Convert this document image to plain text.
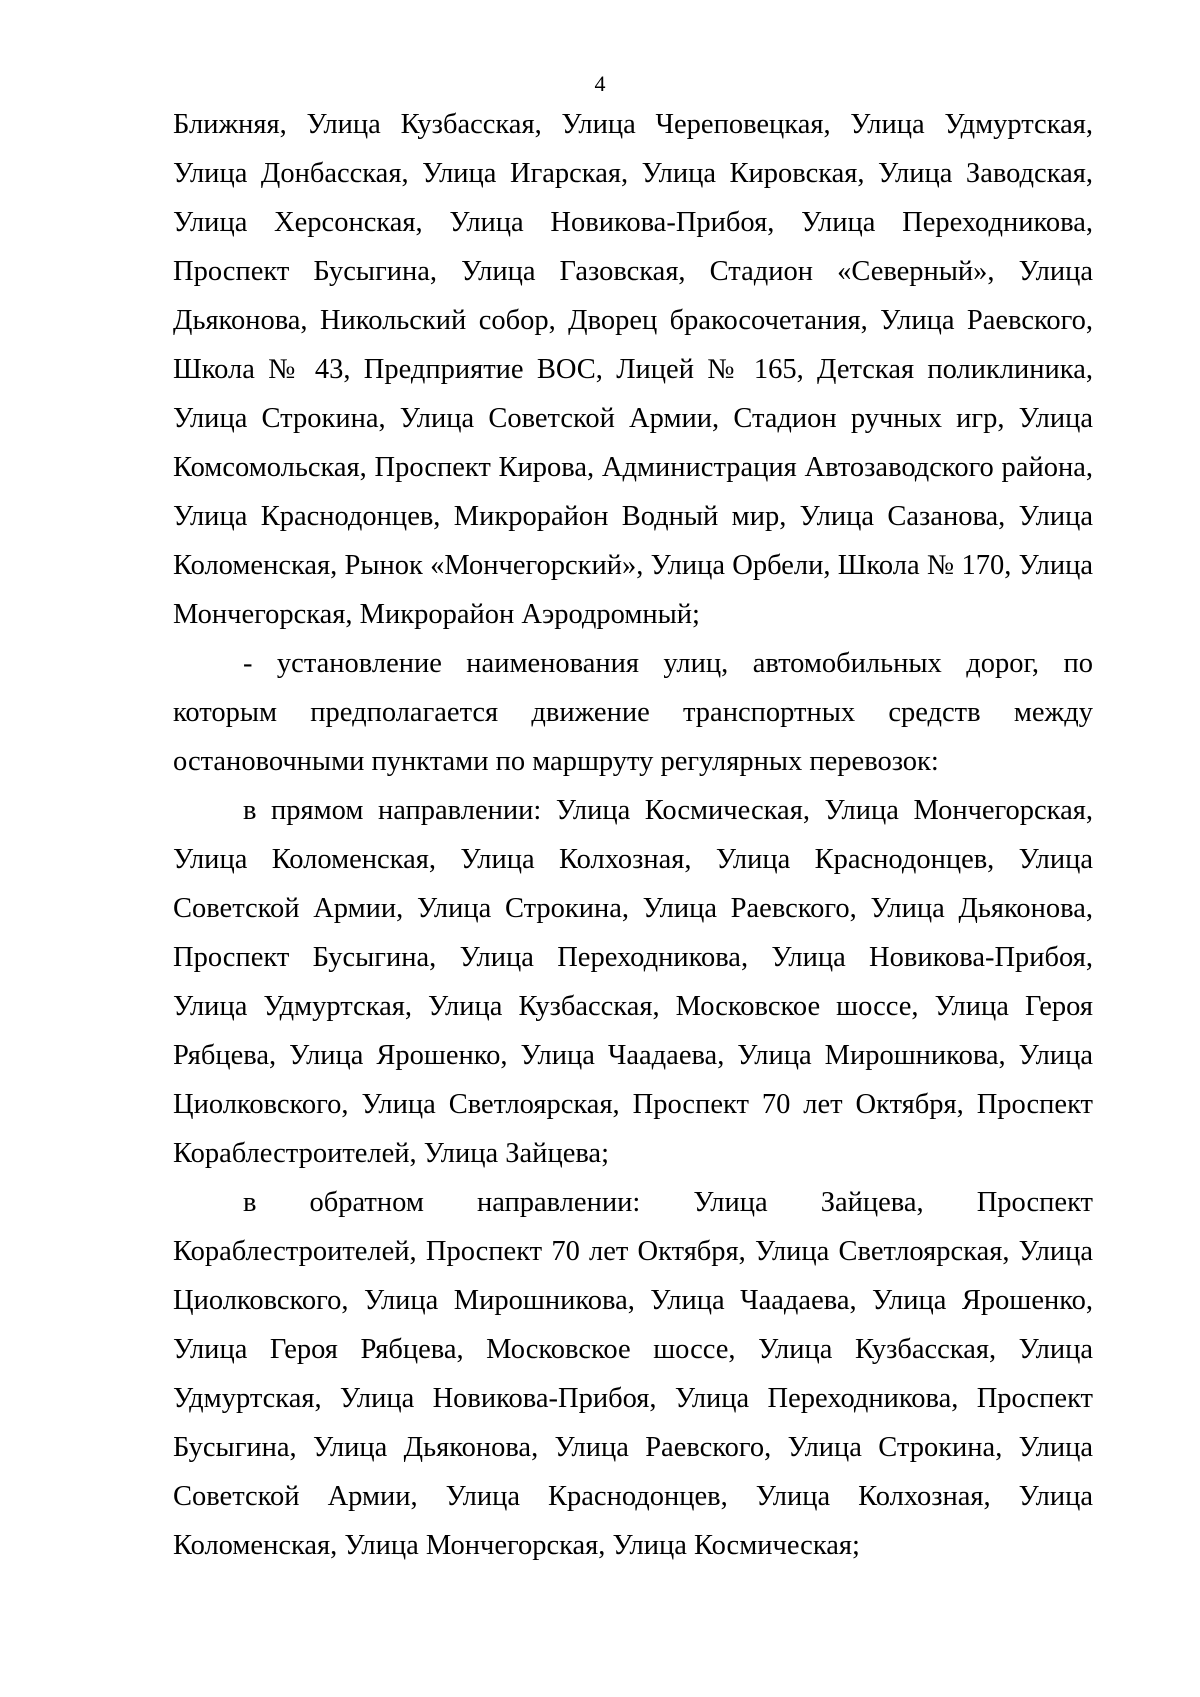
4

Ближняя, Улица Кузбасская, Улица Череповецкая, Улица Удмуртская, Улица Донбасская, Улица Игарская, Улица Кировская, Улица Заводская, Улица Херсонская, Улица Новикова-Прибоя, Улица Переходникова, Проспект Бусыгина, Улица Газовская, Стадион «Северный», Улица Дьяконова, Никольский собор, Дворец бракосочетания, Улица Раевского, Школа № 43, Предприятие ВОС, Лицей № 165, Детская поликлиника, Улица Строкина, Улица Советской Армии, Стадион ручных игр, Улица Комсомольская, Проспект Кирова, Администрация Автозаводского района, Улица Краснодонцев, Микрорайон Водный мир, Улица Сазанова, Улица Коломенская, Рынок «Мончегорский», Улица Орбели, Школа № 170, Улица Мончегорская, Микрорайон Аэродромный;

- установление наименования улиц, автомобильных дорог, по которым предполагается движение транспортных средств между остановочными пунктами по маршруту регулярных перевозок:

в прямом направлении: Улица Космическая, Улица Мончегорская, Улица Коломенская, Улица Колхозная, Улица Краснодонцев, Улица Советской Армии, Улица Строкина, Улица Раевского, Улица Дьяконова, Проспект Бусыгина, Улица Переходникова, Улица Новикова-Прибоя, Улица Удмуртская, Улица Кузбасская, Московское шоссе, Улица Героя Рябцева, Улица Ярошенко, Улица Чаадаева, Улица Мирошникова, Улица Циолковского, Улица Светлоярская, Проспект 70 лет Октября, Проспект Кораблестроителей, Улица Зайцева;

в обратном направлении: Улица Зайцева, Проспект Кораблестроителей, Проспект 70 лет Октября, Улица Светлоярская, Улица Циолковского, Улица Мирошникова, Улица Чаадаева, Улица Ярошенко, Улица Героя Рябцева, Московское шоссе, Улица Кузбасская, Улица Удмуртская, Улица Новикова-Прибоя, Улица Переходникова, Проспект Бусыгина, Улица Дьяконова, Улица Раевского, Улица Строкина, Улица Советской Армии, Улица Краснодонцев, Улица Колхозная, Улица Коломенская, Улица Мончегорская, Улица Космическая;
